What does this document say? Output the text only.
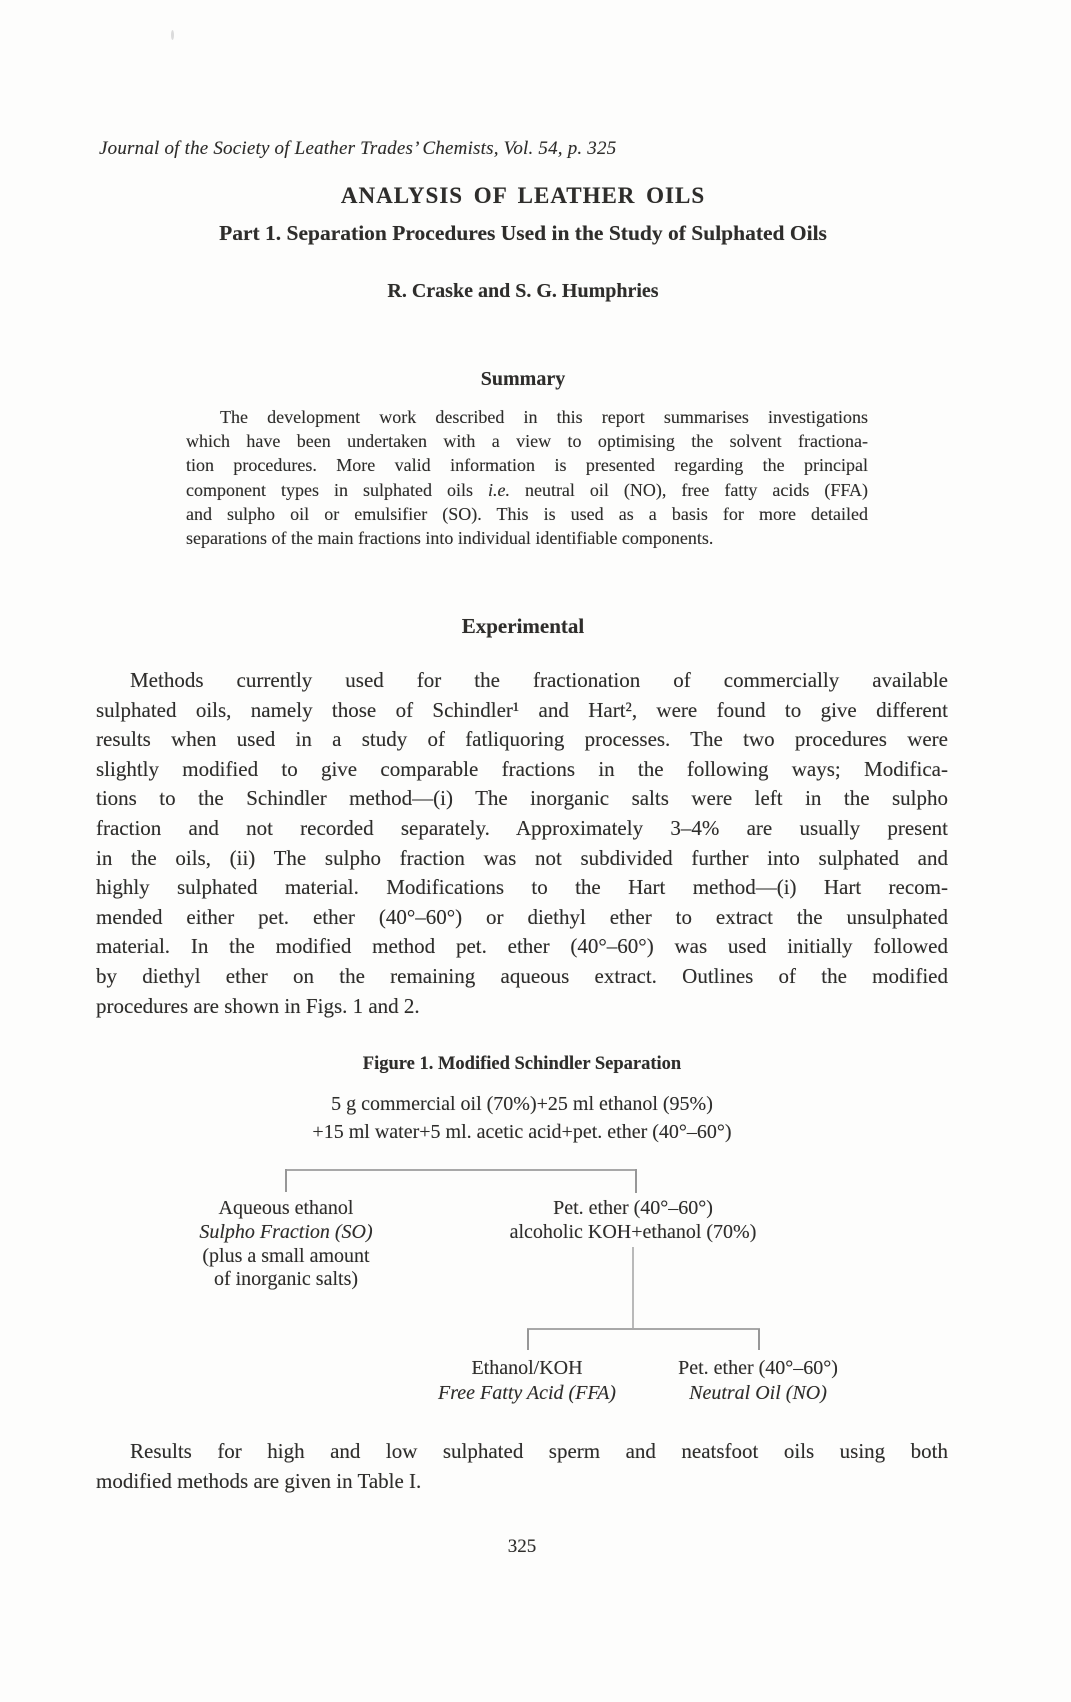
Journal of the Society of Leather Trades’ Chemists, Vol. 54, p. 325
ANALYSIS OF LEATHER OILS
Part 1. Separation Procedures Used in the Study of Sulphated Oils
R. Craske and S. G. Humphries
Summary
The development work described in this report summarises investigations
which have been undertaken with a view to optimising the solvent fractiona-
tion procedures. More valid information is presented regarding the principal
component types in sulphated oils i.e. neutral oil (NO), free fatty acids (FFA)
and sulpho oil or emulsifier (SO). This is used as a basis for more detailed
separations of the main fractions into individual identifiable components.
Experimental
Methods currently used for the fractionation of commercially available
sulphated oils, namely those of Schindler¹ and Hart², were found to give different
results when used in a study of fatliquoring processes. The two procedures were
slightly modified to give comparable fractions in the following ways; Modifica-
tions to the Schindler method—(i) The inorganic salts were left in the sulpho
fraction and not recorded separately. Approximately 3–4% are usually present
in the oils, (ii) The sulpho fraction was not subdivided further into sulphated and
highly sulphated material. Modifications to the Hart method—(i) Hart recom-
mended either pet. ether (40°–60°) or diethyl ether to extract the unsulphated
material. In the modified method pet. ether (40°–60°) was used initially followed
by diethyl ether on the remaining aqueous extract. Outlines of the modified
procedures are shown in Figs. 1 and 2.
Figure 1. Modified Schindler Separation
5 g commercial oil (70%)+25 ml ethanol (95%)
+15 ml water+5 ml. acetic acid+pet. ether (40°–60°)
Aqueous ethanol
Sulpho Fraction (SO)
(plus a small amount
of inorganic salts)
Pet. ether (40°–60°)
alcoholic KOH+ethanol (70%)
Ethanol/KOH
Free Fatty Acid (FFA)
Pet. ether (40°–60°)
Neutral Oil (NO)
Results for high and low sulphated sperm and neatsfoot oils using both
modified methods are given in Table I.
325
